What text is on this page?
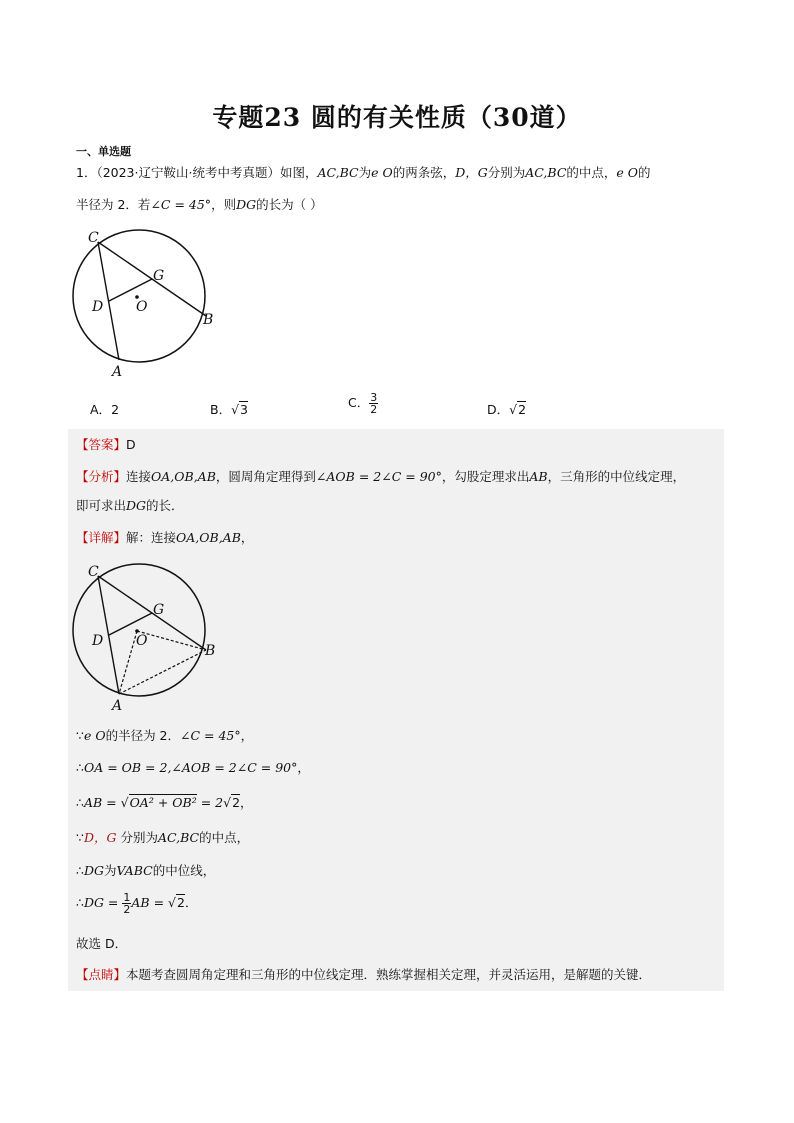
专题23 圆的有关性质（30道）
一、单选题
1．（2023·辽宁鞍山·统考中考真题）如图，AC,BC为e O的两条弦，D，G分别为AC,BC的中点，e O的
半径为 2．若∠C = 45°，则DG的长为（ ）
C
G
D O
B
A
A．2	B．√3	C． $\frac{3}{2}$	D．√2
【答案】D
【分析】连接OA,OB,AB，圆周角定理得到∠AOB = 2∠C = 90°，勾股定理求出AB，三角形的中位线定理，
即可求出DG的长．
【详解】解：连接OA,OB,AB，
C
G
D O
B
A
∵e O的半径为 2．∠C = 45°，
∴OA = OB = 2,∠AOB = 2∠C = 90°，
∴AB = √OA² + OB² = 2√2，
∵D，G 分别为AC,BC的中点，
∴DG为VABC的中位线，
∴DG = $\frac{1}{2}$ AB = √2．
故选 D．
【点睛】本题考查圆周角定理和三角形的中位线定理．熟练掌握相关定理，并灵活运用，是解题的关键．
